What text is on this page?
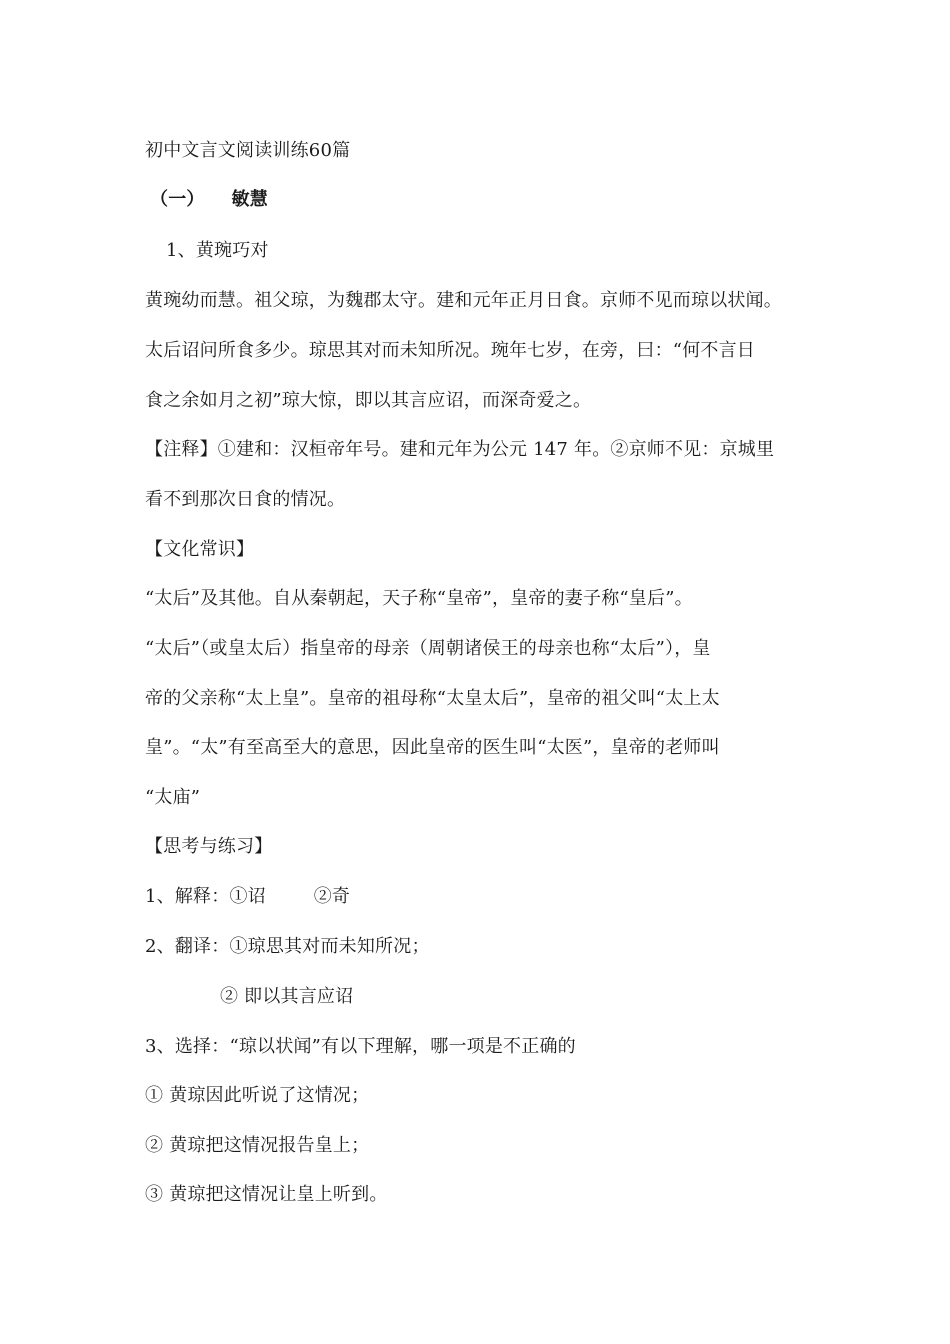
初中文言文阅读训练60篇
（一） 敏慧
1、黄琬巧对
黄琬幼而慧。祖父琼，为魏郡太守。建和元年正月日食。京师不见而琼以状闻。
太后诏问所食多少。琼思其对而未知所况。琬年七岁，在旁，曰：“何不言日
食之余如月之初”琼大惊，即以其言应诏，而深奇爱之。
【注释】①建和：汉桓帝年号。建和元年为公元 147 年。②京师不见：京城里
看不到那次日食的情况。
【文化常识】
“太后”及其他。自从秦朝起，天子称“皇帝”，皇帝的妻子称“皇后”。
“太后”（或皇太后）指皇帝的母亲（周朝诸侯王的母亲也称“太后”），皇
帝的父亲称“太上皇”。皇帝的祖母称“太皇太后”，皇帝的祖父叫“太上太
皇”。“太”有至高至大的意思，因此皇帝的医生叫“太医”，皇帝的老师叫
“太庙”
【思考与练习】
1、解释：①诏	②奇
2、翻译：①琼思其对而未知所况；
② 即以其言应诏
3、选择：“琼以状闻”有以下理解，哪一项是不正确的
① 黄琼因此听说了这情况；
② 黄琼把这情况报告皇上；
③ 黄琼把这情况让皇上听到。
